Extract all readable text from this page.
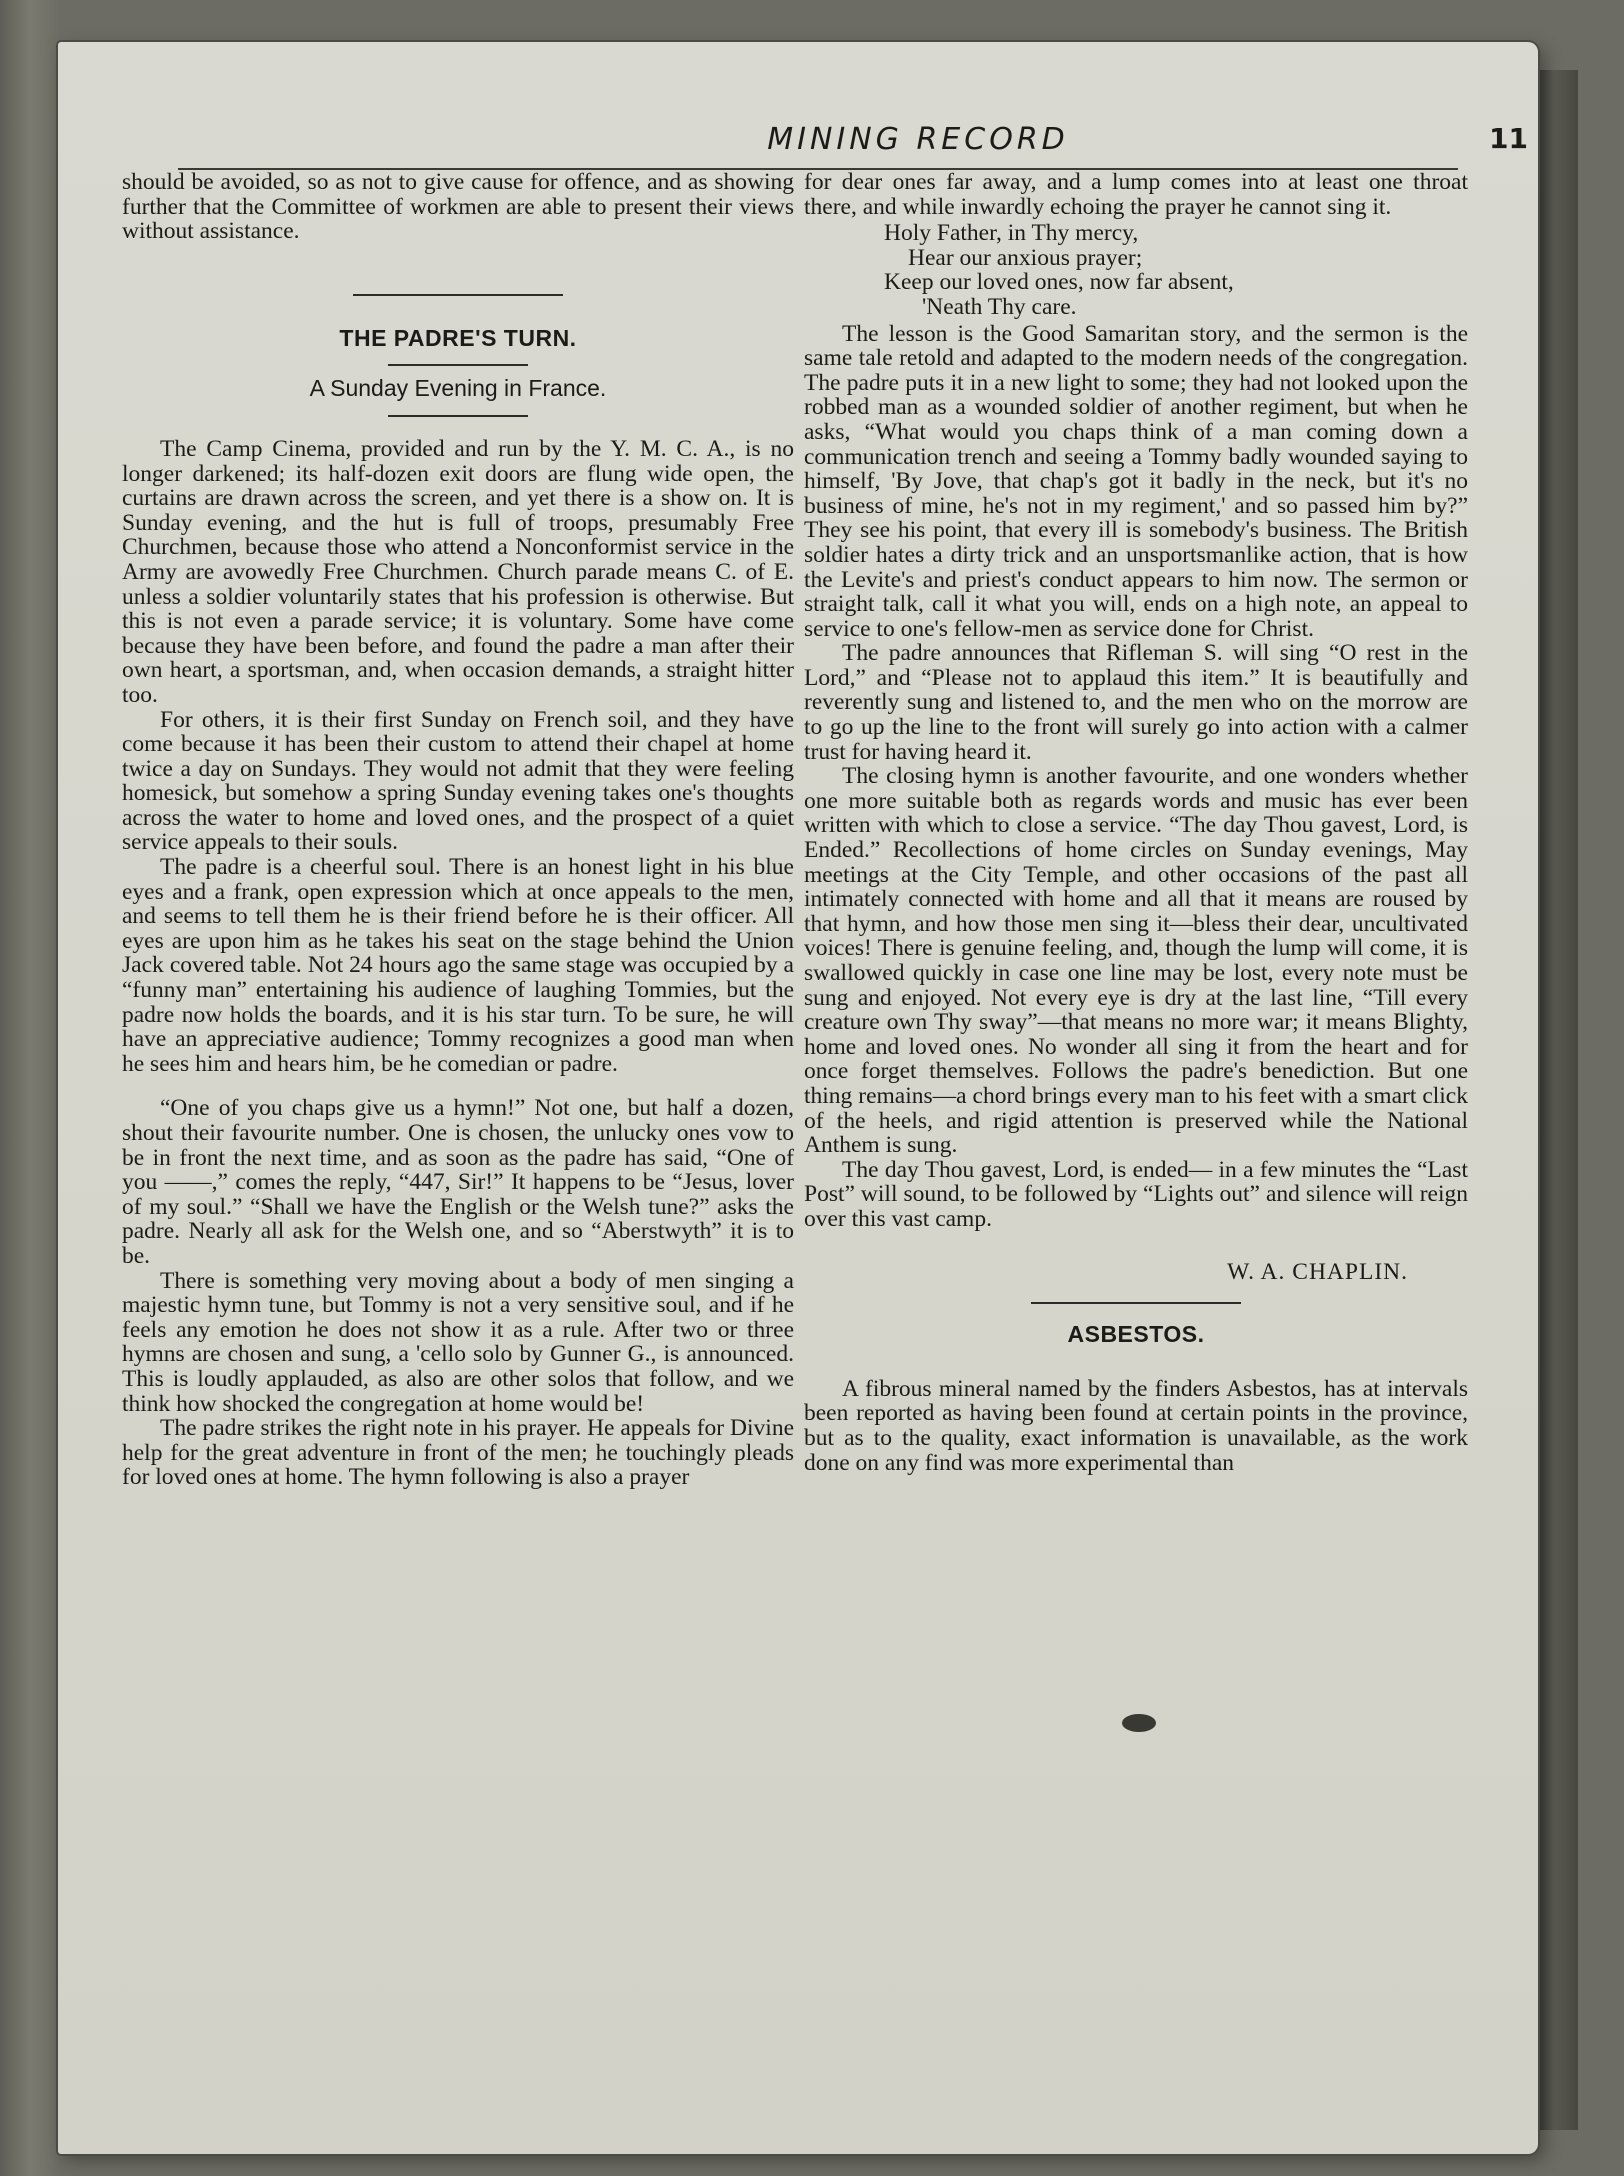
MINING RECORD	11

should be avoided, so as not to give cause for offence, and as showing further that the Committee of workmen are able to present their views without assistance.

THE PADRE'S TURN.
A Sunday Evening in France.

The Camp Cinema, provided and run by the Y. M. C. A., is no longer darkened; its half-dozen exit doors are flung wide open, the curtains are drawn across the screen, and yet there is a show on. It is Sunday evening, and the hut is full of troops, presumably Free Churchmen, because those who attend a Nonconformist service in the Army are avowedly Free Churchmen. Church parade means C. of E. unless a soldier voluntarily states that his profession is otherwise. But this is not even a parade service; it is voluntary. Some have come because they have been before, and found the padre a man after their own heart, a sportsman, and, when occasion demands, a straight hitter too.

For others, it is their first Sunday on French soil, and they have come because it has been their custom to attend their chapel at home twice a day on Sundays. They would not admit that they were feeling homesick, but somehow a spring Sunday evening takes one's thoughts across the water to home and loved ones, and the prospect of a quiet service appeals to their souls.

The padre is a cheerful soul. There is an honest light in his blue eyes and a frank, open expression which at once appeals to the men, and seems to tell them he is their friend before he is their officer. All eyes are upon him as he takes his seat on the stage behind the Union Jack covered table. Not 24 hours ago the same stage was occupied by a “funny man” entertaining his audience of laughing Tommies, but the padre now holds the boards, and it is his star turn. To be sure, he will have an appreciative audience; Tommy recognizes a good man when he sees him and hears him, be he comedian or padre.

“One of you chaps give us a hymn!” Not one, but half a dozen, shout their favourite number. One is chosen, the unlucky ones vow to be in front the next time, and as soon as the padre has said, “One of you ——,” comes the reply, “447, Sir!” It happens to be “Jesus, lover of my soul.” “Shall we have the English or the Welsh tune?” asks the padre. Nearly all ask for the Welsh one, and so “Aberstwyth” it is to be.

There is something very moving about a body of men singing a majestic hymn tune, but Tommy is not a very sensitive soul, and if he feels any emotion he does not show it as a rule. After two or three hymns are chosen and sung, a 'cello solo by Gunner G., is announced. This is loudly applauded, as also are other solos that follow, and we think how shocked the congregation at home would be!

The padre strikes the right note in his prayer. He appeals for Divine help for the great adventure in front of the men; he touchingly pleads for loved ones at home. The hymn following is also a prayer

for dear ones far away, and a lump comes into at least one throat there, and while inwardly echoing the prayer he cannot sing it.

Holy Father, in Thy mercy,
Hear our anxious prayer;
Keep our loved ones, now far absent,
'Neath Thy care.

The lesson is the Good Samaritan story, and the sermon is the same tale retold and adapted to the modern needs of the congregation. The padre puts it in a new light to some; they had not looked upon the robbed man as a wounded soldier of another regiment, but when he asks, “What would you chaps think of a man coming down a communication trench and seeing a Tommy badly wounded saying to himself, 'By Jove, that chap's got it badly in the neck, but it's no business of mine, he's not in my regiment,' and so passed him by?” They see his point, that every ill is somebody's business. The British soldier hates a dirty trick and an unsportsmanlike action, that is how the Levite's and priest's conduct appears to him now. The sermon or straight talk, call it what you will, ends on a high note, an appeal to service to one's fellow-men as service done for Christ.

The padre announces that Rifleman S. will sing “O rest in the Lord,” and “Please not to applaud this item.” It is beautifully and reverently sung and listened to, and the men who on the morrow are to go up the line to the front will surely go into action with a calmer trust for having heard it.

The closing hymn is another favourite, and one wonders whether one more suitable both as regards words and music has ever been written with which to close a service. “The day Thou gavest, Lord, is Ended.” Recollections of home circles on Sunday evenings, May meetings at the City Temple, and other occasions of the past all intimately connected with home and all that it means are roused by that hymn, and how those men sing it—bless their dear, uncultivated voices! There is genuine feeling, and, though the lump will come, it is swallowed quickly in case one line may be lost, every note must be sung and enjoyed. Not every eye is dry at the last line, “Till every creature own Thy sway”—that means no more war; it means Blighty, home and loved ones. No wonder all sing it from the heart and for once forget themselves. Follows the padre's benediction. But one thing remains—a chord brings every man to his feet with a smart click of the heels, and rigid attention is preserved while the National Anthem is sung.

The day Thou gavest, Lord, is ended— in a few minutes the “Last Post” will sound, to be followed by “Lights out” and silence will reign over this vast camp.

W. A. CHAPLIN.
ASBESTOS.

A fibrous mineral named by the finders Asbestos, has at intervals been reported as having been found at certain points in the province, but as to the quality, exact information is unavailable, as the work done on any find was more experimental than
